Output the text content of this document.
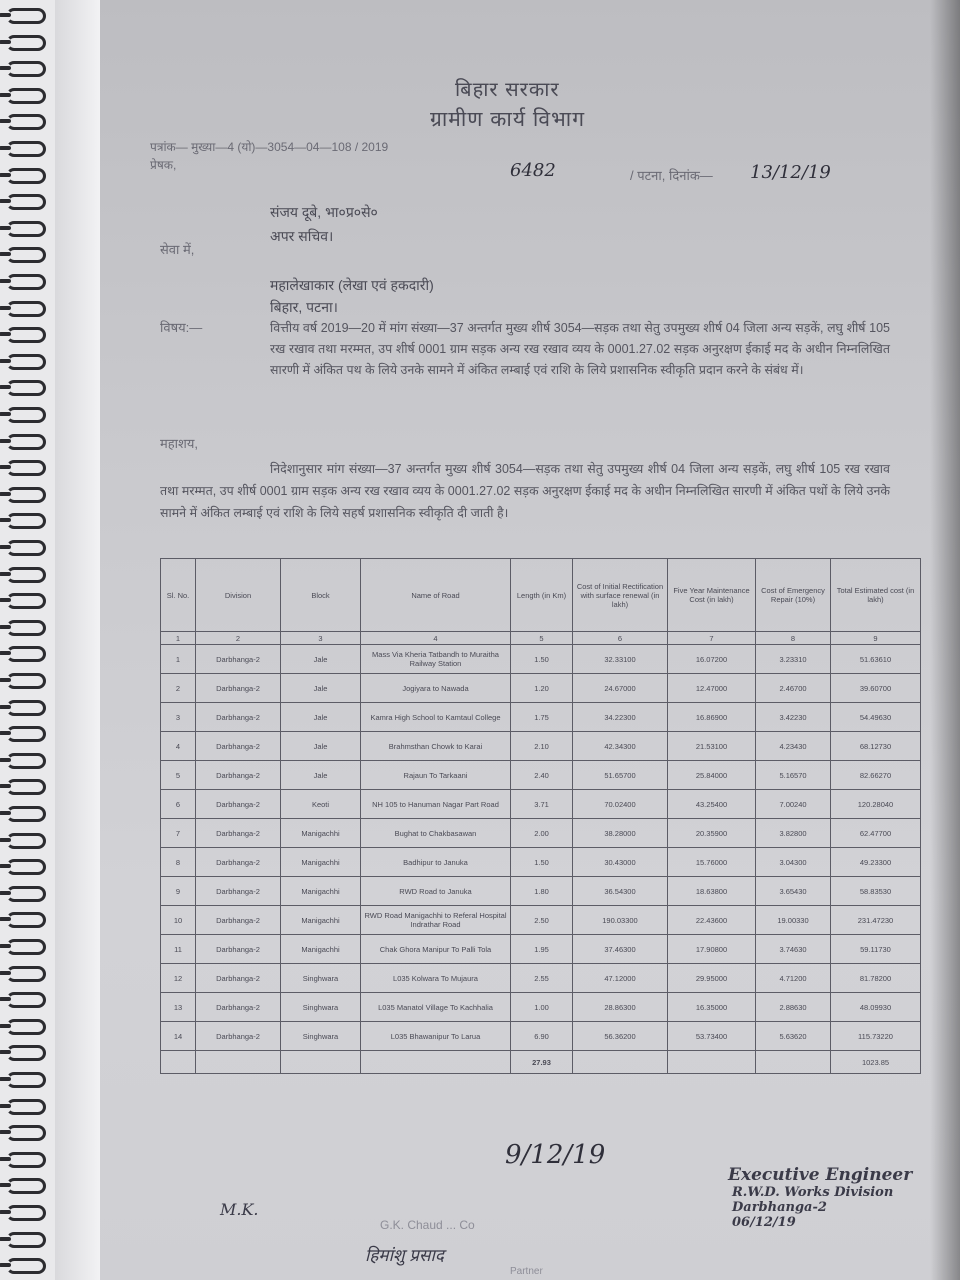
बिहार सरकार
ग्रामीण कार्य विभाग
पत्रांक— मुख्या—4 (यो)—3054—04—108 / 2019
प्रेषक,	6482	/ पटना, दिनांक— 13/12/19
संजय दूबे, भा०प्र०से०
अपर सचिव।
सेवा में,
महालेखाकार (लेखा एवं हकदारी)
बिहार, पटना।
विषय:—	वित्तीय वर्ष 2019—20 में मांग संख्या—37 अन्तर्गत मुख्य शीर्ष 3054—सड़क तथा सेतु उपमुख्य शीर्ष 04 जिला अन्य सड़कें, लघु शीर्ष 105 रख रखाव तथा मरम्मत, उप शीर्ष 0001 ग्राम सड़क अन्य रख रखाव व्यय के 0001.27.02 सड़क अनुरक्षण ईकाई मद के अधीन निम्नलिखित सारणी में अंकित पथ के लिये उनके सामने में अंकित लम्बाई एवं राशि के लिये प्रशासनिक स्वीकृति प्रदान करने के संबंध में।
महाशय,
निदेशानुसार मांग संख्या—37 अन्तर्गत मुख्य शीर्ष 3054—सड़क तथा सेतु उपमुख्य शीर्ष 04 जिला अन्य सड़कें, लघु शीर्ष 105 रख रखाव तथा मरम्मत, उप शीर्ष 0001 ग्राम सड़क अन्य रख रखाव व्यय के 0001.27.02 सड़क अनुरक्षण ईकाई मद के अधीन निम्नलिखित सारणी में अंकित पथों के लिये उनके सामने में अंकित लम्बाई एवं राशि के लिये सहर्ष प्रशासनिक स्वीकृति दी जाती है।
Sl. No.	Division	Block	Name of Road	Length (in Km)	Cost of Initial Rectification with surface renewal (in lakh)	Five Year Maintenance Cost (in lakh)	Cost of Emergency Repair (10%)	Total Estimated cost (in lakh)
1	2	3	4	5	6	7	8	9
1	Darbhanga-2	Jale	Mass Via Kheria Tatbandh to Muraitha Railway Station	1.50	32.33100	16.07200	3.23310	51.63610
2	Darbhanga-2	Jale	Jogiyara to Nawada	1.20	24.67000	12.47000	2.46700	39.60700
3	Darbhanga-2	Jale	Kamra High School to Kamtaul College	1.75	34.22300	16.86900	3.42230	54.49630
4	Darbhanga-2	Jale	Brahmsthan Chowk to Karai	2.10	42.34300	21.53100	4.23430	68.12730
5	Darbhanga-2	Jale	Rajaun To Tarkaani	2.40	51.65700	25.84000	5.16570	82.66270
6	Darbhanga-2	Keoti	NH 105 to Hanuman Nagar Part Road	3.71	70.02400	43.25400	7.00240	120.28040
7	Darbhanga-2	Manigachhi	Bughat to Chakbasawan	2.00	38.28000	20.35900	3.82800	62.47700
8	Darbhanga-2	Manigachhi	Badhipur to Januka	1.50	30.43000	15.76000	3.04300	49.23300
9	Darbhanga-2	Manigachhi	RWD Road to Januka	1.80	36.54300	18.63800	3.65430	58.83530
10	Darbhanga-2	Manigachhi	RWD Road Manigachhi to Referal Hospital Indrathar Road	2.50	190.03300	22.43600	19.00330	231.47230
11	Darbhanga-2	Manigachhi	Chak Ghora Manipur To Palli Tola	1.95	37.46300	17.90800	3.74630	59.11730
12	Darbhanga-2	Singhwara	L035 Kolwara To Mujaura	2.55	47.12000	29.95000	4.71200	81.78200
13	Darbhanga-2	Singhwara	L035 Manatol Village To Kachhalia	1.00	28.86300	16.35000	2.88630	48.09930
14	Darbhanga-2	Singhwara	L035 Bhawanipur To Larua	6.90	56.36200	53.73400	5.63620	115.73220
				27.93				1023.85
9/12/19
Executive Engineer
R.W.D. Works Division
Darbhanga-2
06/12/19
M.K.
G.K. Chaud ... Co
हिमांशु प्रसाद
Partner
